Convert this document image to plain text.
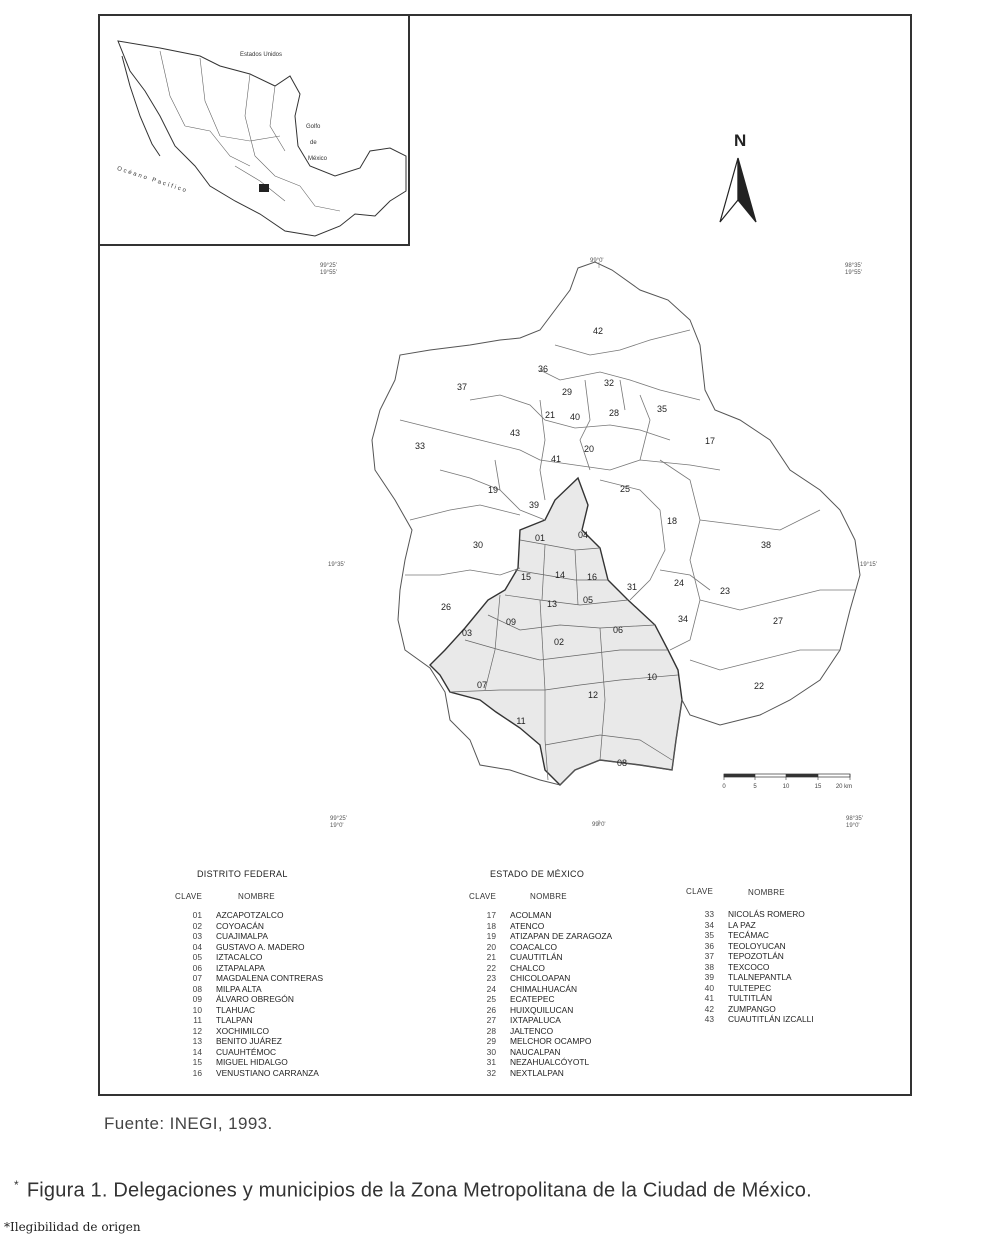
42
36
29
32
37
21 40	28	35
33
43
20
17
41
19	25
39
18
30
01	04
38
15	14 16
31	24
23
13	05
26
03
09
02
06
34	27
22
07
10
12
11
08
99°25'
19°55'
99°0'
98°35'
19°55'
19°35'	19°15'
99°25'
19°0'	99°0'
98°35'
19°0'
Estados Unidos
Golfo
de
México
Océano Pacífico
N
0	5	10	15 20 km
DISTRITO FEDERAL	ESTADO DE MÉXICO
CLAVE	NOMBRE	CLAVE	NOMBRE
CLAVE	NOMBRE
01	AZCAPOTZALCO
02	COYOACÁN
03	CUAJIMALPA
04	GUSTAVO A. MADERO
05	IZTACALCO
06	IZTAPALAPA
07	MAGDALENA CONTRERAS
08	MILPA ALTA
09	ÁLVARO OBREGÓN
10	TLAHUAC
11	TLALPAN
12	XOCHIMILCO
13	BENITO JUÁREZ
14	CUAUHTÉMOC
15	MIGUEL HIDALGO
16	VENUSTIANO CARRANZA
17	ACOLMAN
18	ATENCO
19	ATIZAPAN DE ZARAGOZA
20	COACALCO
21	CUAUTITLÁN
22	CHALCO
23	CHICOLOAPAN
24	CHIMALHUACÁN
25	ECATEPEC
26	HUIXQUILUCAN
27	IXTAPALUCA
28	JALTENCO
29	MELCHOR OCAMPO
30	NAUCALPAN
31	NEZAHUALCÓYOTL
32	NEXTLALPAN
33	NICOLÁS ROMERO
34	LA PAZ
35	TECÁMAC
36	TEOLOYUCAN
37	TEPOZOTLÁN
38	TEXCOCO
39	TLALNEPANTLA
40	TULTEPEC
41	TULTITLÁN
42	ZUMPANGO
43	CUAUTITLÁN IZCALLI
Fuente: INEGI, 1993.
* Figura 1. Delegaciones y municipios de la Zona Metropolitana de la Ciudad de México.
*Ilegibilidad de origen
